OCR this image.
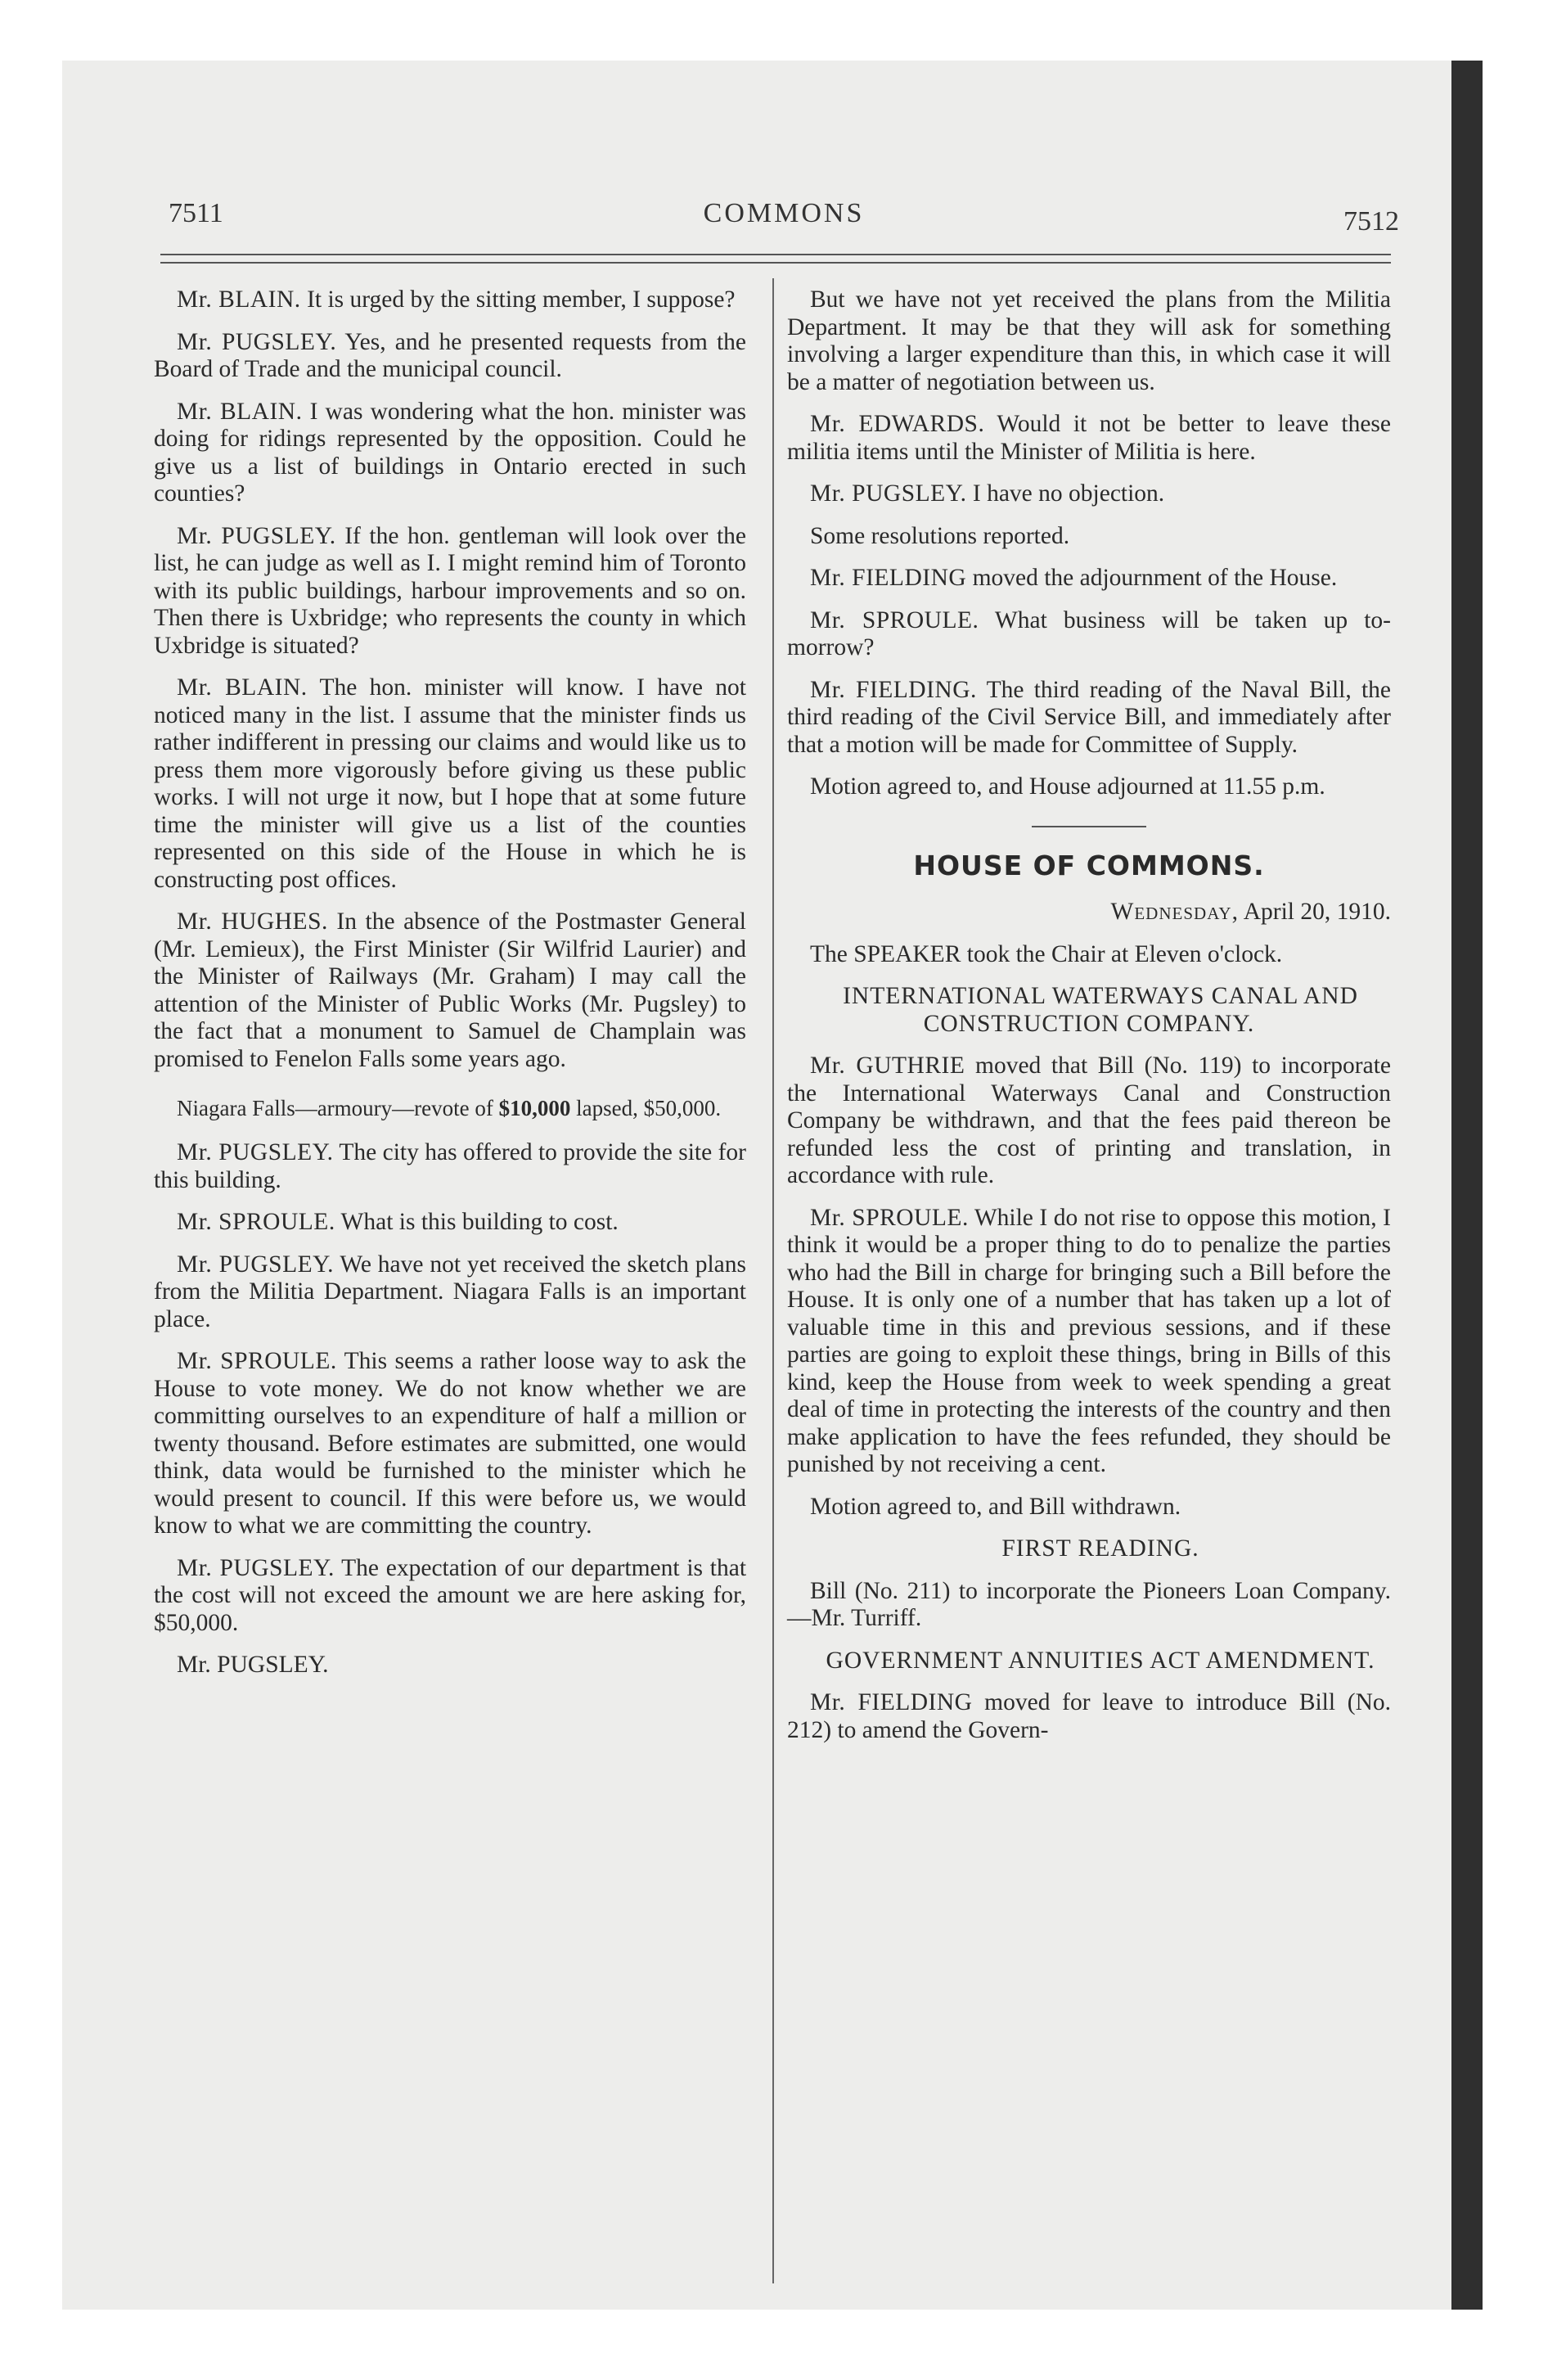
7511	COMMONS	7512

Mr. BLAIN. It is urged by the sitting member, I suppose?

Mr. PUGSLEY. Yes, and he presented requests from the Board of Trade and the municipal council.

Mr. BLAIN. I was wondering what the hon. minister was doing for ridings represented by the opposition. Could he give us a list of buildings in Ontario erected in such counties?

Mr. PUGSLEY. If the hon. gentleman will look over the list, he can judge as well as I. I might remind him of Toronto with its public buildings, harbour improvements and so on. Then there is Uxbridge; who represents the county in which Uxbridge is situated?

Mr. BLAIN. The hon. minister will know. I have not noticed many in the list. I assume that the minister finds us rather indifferent in pressing our claims and would like us to press them more vigorously before giving us these public works. I will not urge it now, but I hope that at some future time the minister will give us a list of the counties represented on this side of the House in which he is constructing post offices.

Mr. HUGHES. In the absence of the Postmaster General (Mr. Lemieux), the First Minister (Sir Wilfrid Laurier) and the Minister of Railways (Mr. Graham) I may call the attention of the Minister of Public Works (Mr. Pugsley) to the fact that a monument to Samuel de Champlain was promised to Fenelon Falls some years ago.

Niagara Falls—armoury—revote of $10,000 lapsed, $50,000.

Mr. PUGSLEY. The city has offered to provide the site for this building.

Mr. SPROULE. What is this building to cost.

Mr. PUGSLEY. We have not yet received the sketch plans from the Militia Department. Niagara Falls is an important place.

Mr. SPROULE. This seems a rather loose way to ask the House to vote money. We do not know whether we are committing ourselves to an expenditure of half a million or twenty thousand. Before estimates are submitted, one would think, data would be furnished to the minister which he would present to council. If this were before us, we would know to what we are committing the country.

Mr. PUGSLEY. The expectation of our department is that the cost will not exceed the amount we are here asking for, $50,000.

Mr. PUGSLEY.

But we have not yet received the plans from the Militia Department. It may be that they will ask for something involving a larger expenditure than this, in which case it will be a matter of negotiation between us.

Mr. EDWARDS. Would it not be better to leave these militia items until the Minister of Militia is here.

Mr. PUGSLEY. I have no objection.

Some resolutions reported.

Mr. FIELDING moved the adjournment of the House.

Mr. SPROULE. What business will be taken up to-morrow?

Mr. FIELDING. The third reading of the Naval Bill, the third reading of the Civil Service Bill, and immediately after that a motion will be made for Committee of Supply.

Motion agreed to, and House adjourned at 11.55 p.m.

HOUSE OF COMMONS.

Wednesday, April 20, 1910.

The SPEAKER took the Chair at Eleven o'clock.

INTERNATIONAL WATERWAYS CANAL AND CONSTRUCTION COMPANY.

Mr. GUTHRIE moved that Bill (No. 119) to incorporate the International Waterways Canal and Construction Company be withdrawn, and that the fees paid thereon be refunded less the cost of printing and translation, in accordance with rule.

Mr. SPROULE. While I do not rise to oppose this motion, I think it would be a proper thing to do to penalize the parties who had the Bill in charge for bringing such a Bill before the House. It is only one of a number that has taken up a lot of valuable time in this and previous sessions, and if these parties are going to exploit these things, bring in Bills of this kind, keep the House from week to week spending a great deal of time in protecting the interests of the country and then make application to have the fees refunded, they should be punished by not receiving a cent.

Motion agreed to, and Bill withdrawn.

FIRST READING.

Bill (No. 211) to incorporate the Pioneers Loan Company.—Mr. Turriff.

GOVERNMENT ANNUITIES ACT AMENDMENT.

Mr. FIELDING moved for leave to introduce Bill (No. 212) to amend the Govern-
